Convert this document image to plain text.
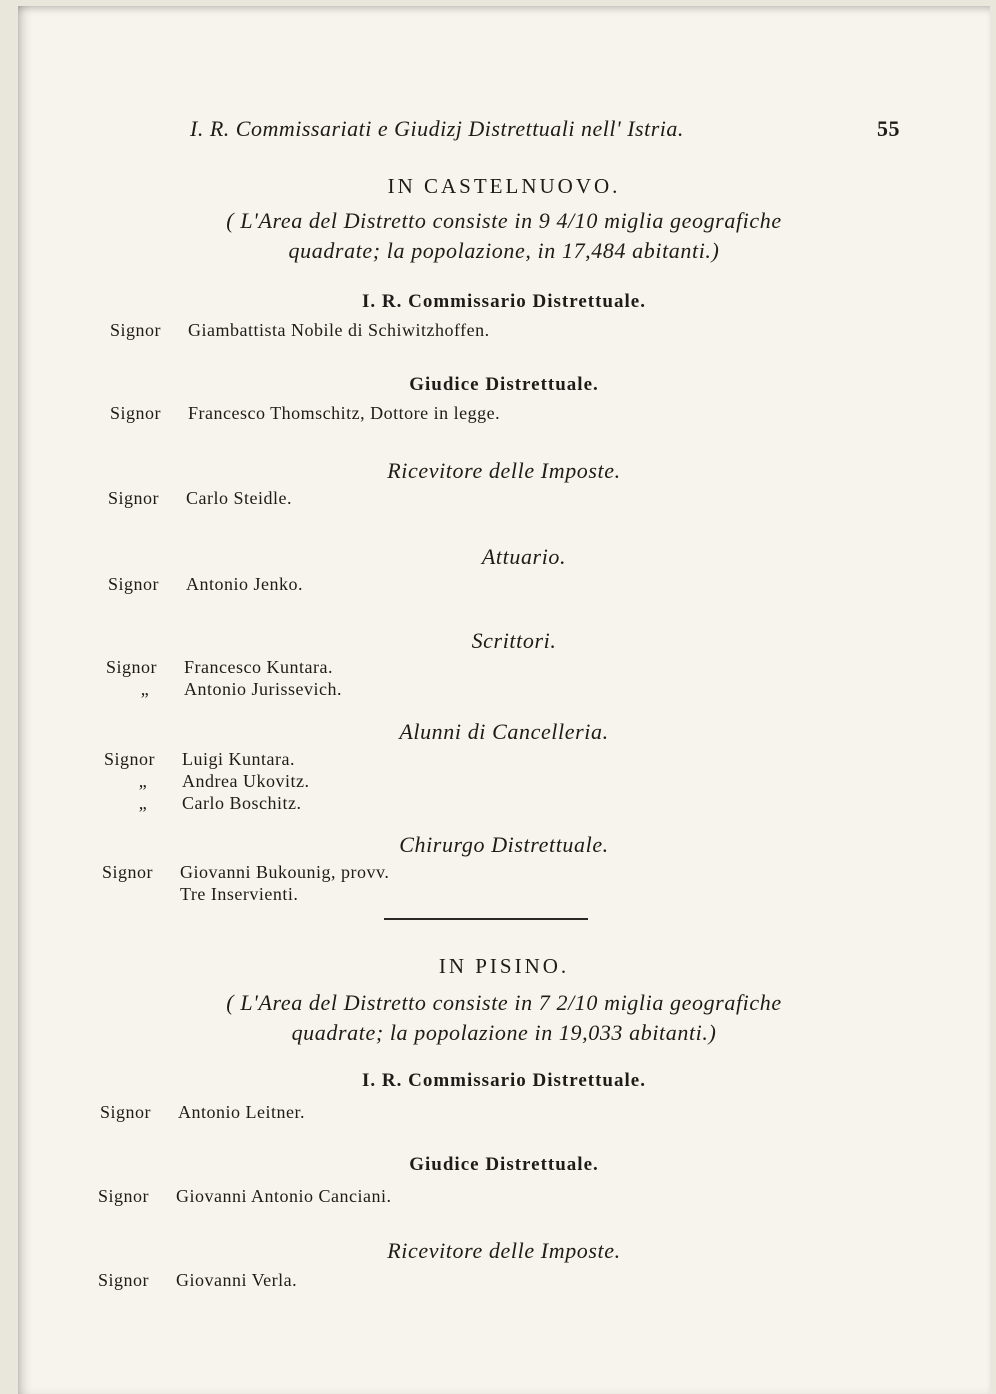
I. R. Commissariati e Giudizj Distrettuali nell' Istria.	55
IN CASTELNUOVO.
( L'Area del Distretto consiste in 9 4/10 miglia geografiche
quadrate; la popolazione, in 17,484 abitanti.)
I. R. Commissario Distrettuale.
Signor Giambattista Nobile di Schiwitzhoffen.
Giudice Distrettuale.
Signor Francesco Thomschitz, Dottore in legge.
Ricevitore delle Imposte.
Signor Carlo Steidle.
Attuario.
Signor Antonio Jenko.
Scrittori.
Signor Francesco Kuntara.
„ Antonio Jurissevich.
Alunni di Cancelleria.
Signor Luigi Kuntara.
„ Andrea Ukovitz.
„ Carlo Boschitz.
Chirurgo Distrettuale.
Signor Giovanni Bukounig, provv.
Tre Inservienti.
IN PISINO.
( L'Area del Distretto consiste in 7 2/10 miglia geografiche
quadrate; la popolazione in 19,033 abitanti.)
I. R. Commissario Distrettuale.
Signor Antonio Leitner.
Giudice Distrettuale.
Signor Giovanni Antonio Canciani.
Ricevitore delle Imposte.
Signor Giovanni Verla.
